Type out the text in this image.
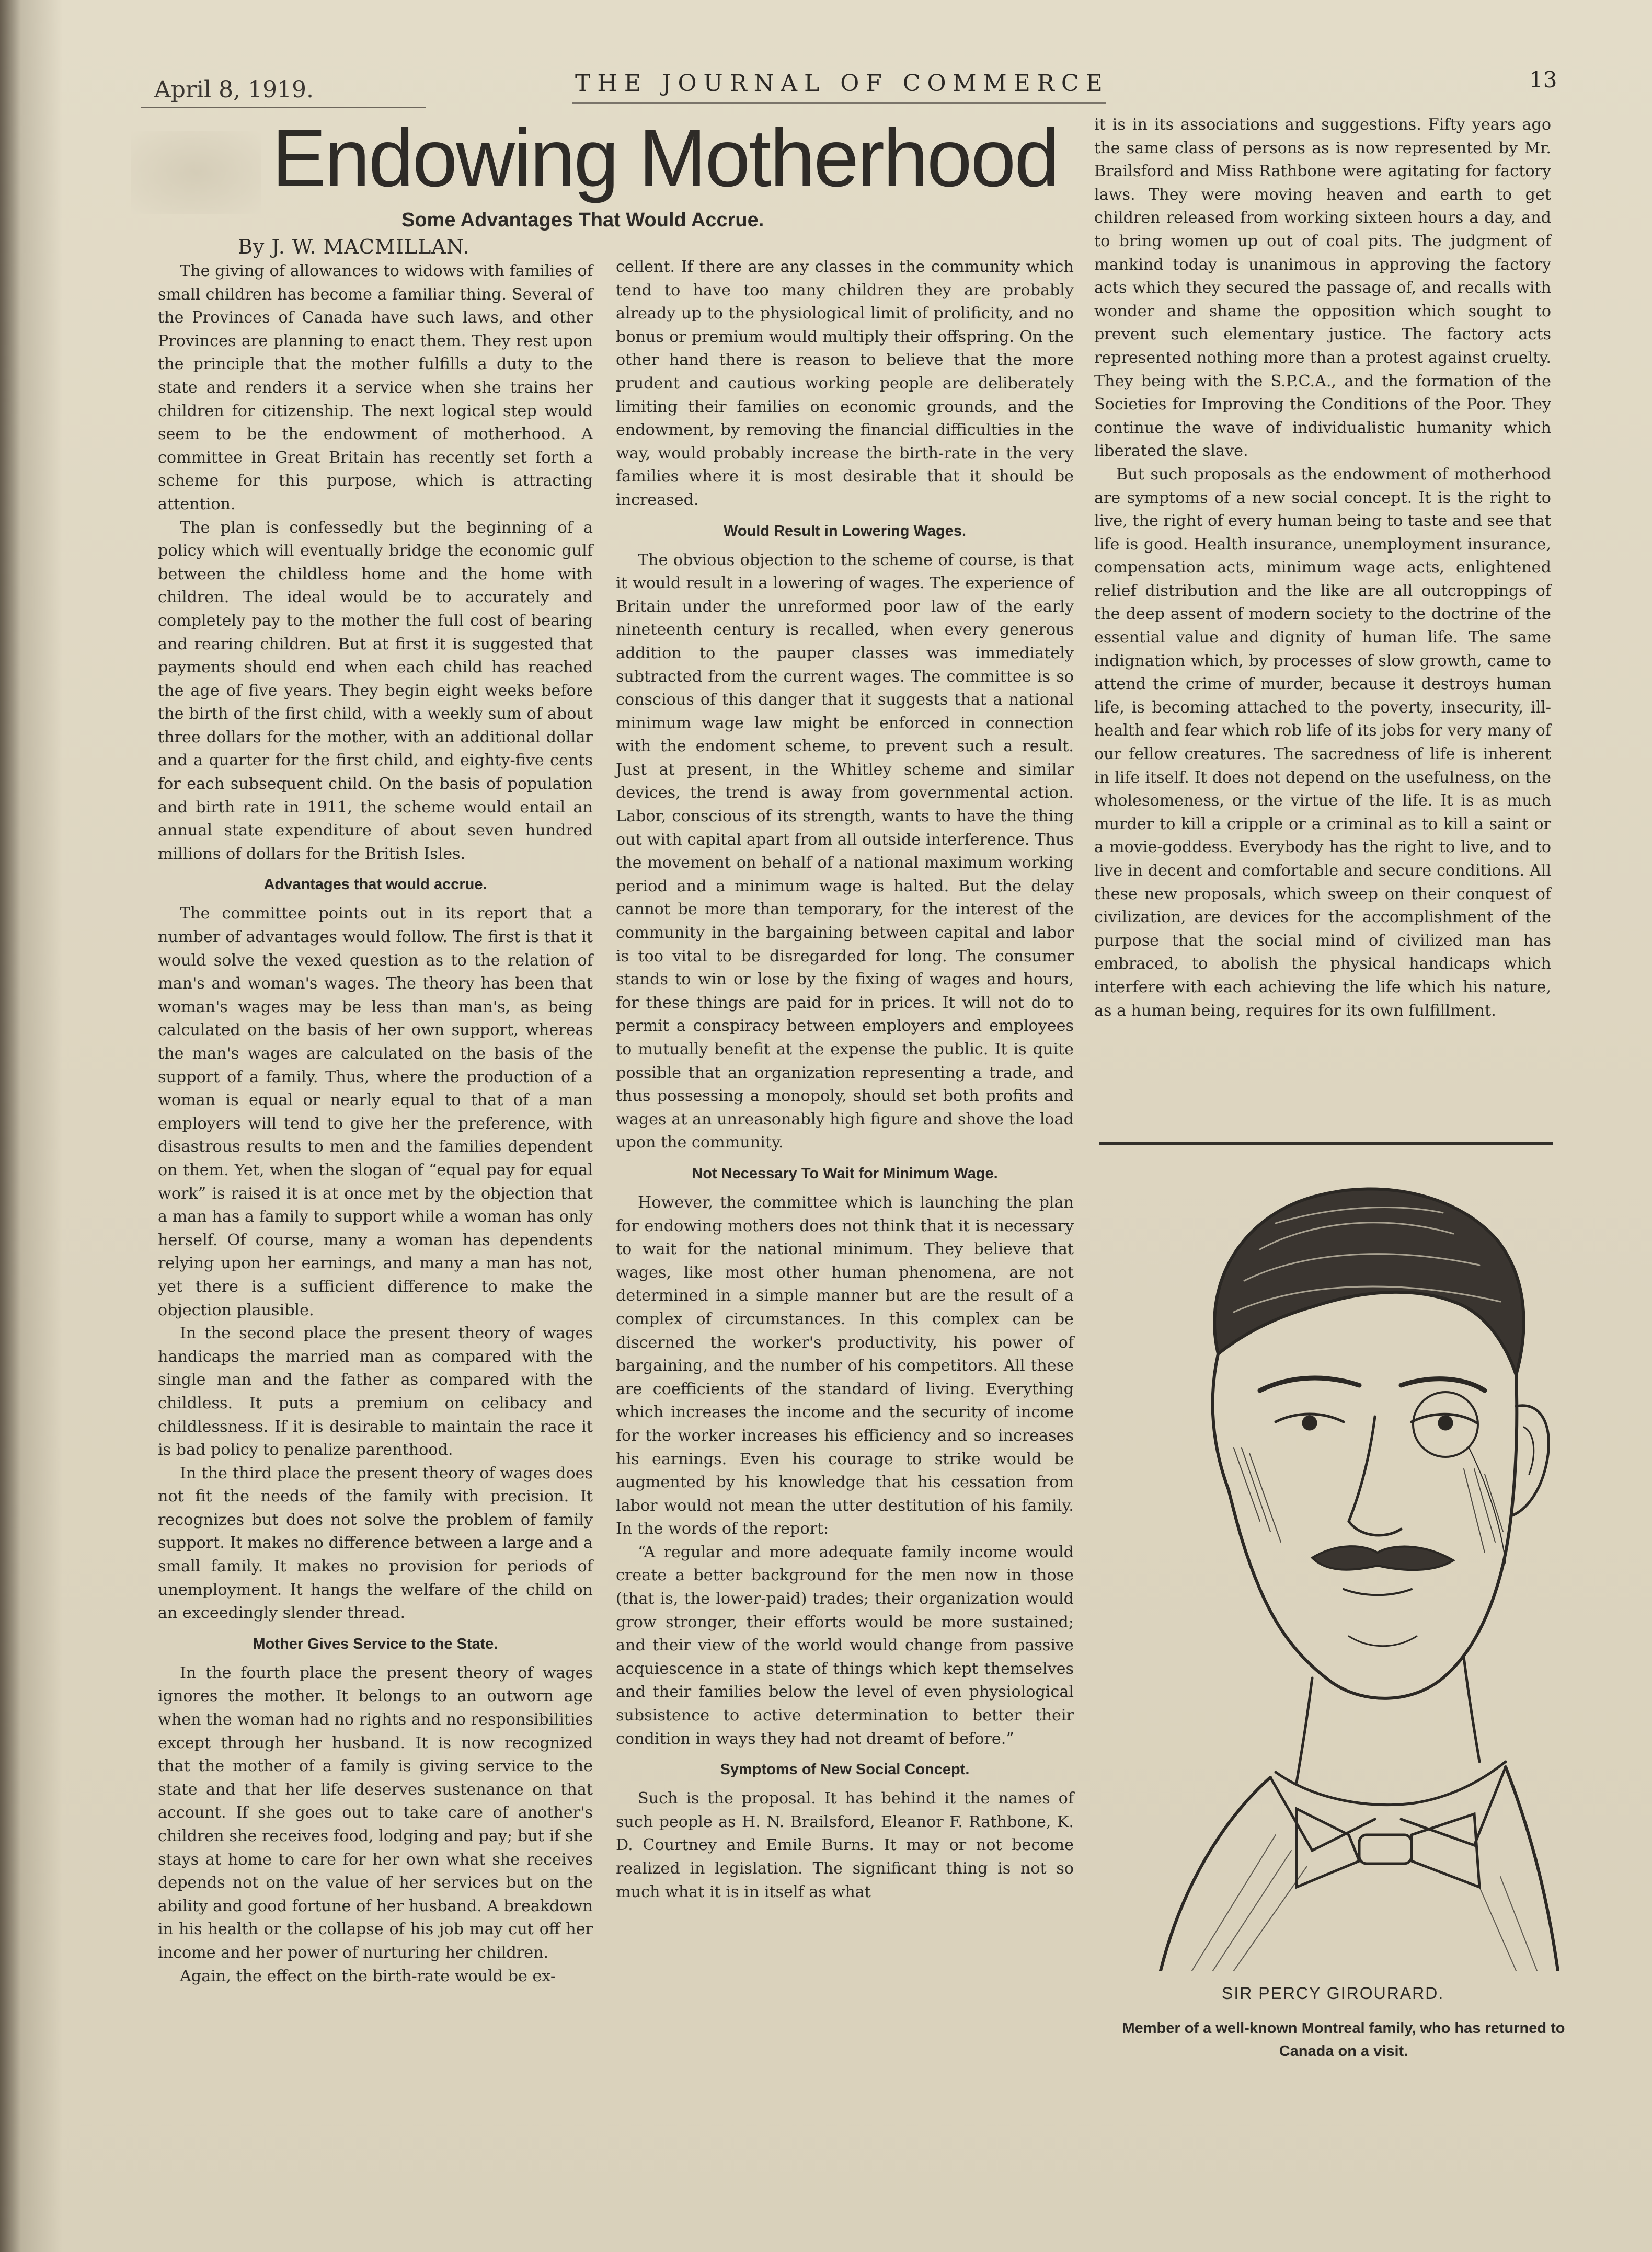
April 8, 1919.	THE JOURNAL OF COMMERCE	13
Endowing Motherhood
Some Advantages That Would Accrue.
By J. W. MACMILLAN.

The giving of allowances to widows with families of small children has become a familiar thing. Several of the Provinces of Canada have such laws, and other Provinces are planning to enact them. They rest upon the principle that the mother fulfills a duty to the state and renders it a service when she trains her children for citizenship. The next logical step would seem to be the endowment of motherhood. A committee in Great Britain has recently set forth a scheme for this purpose, which is attracting attention.

The plan is confessedly but the beginning of a policy which will eventually bridge the economic gulf between the childless home and the home with children. The ideal would be to accurately and completely pay to the mother the full cost of bearing and rearing children. But at first it is suggested that payments should end when each child has reached the age of five years. They begin eight weeks before the birth of the first child, with a weekly sum of about three dollars for the mother, with an additional dollar and a quarter for the first child, and eighty-five cents for each subsequent child. On the basis of population and birth rate in 1911, the scheme would entail an annual state expenditure of about seven hundred millions of dollars for the British Isles.

Advantages that would accrue.

The committee points out in its report that a number of advantages would follow. The first is that it would solve the vexed question as to the relation of man's and woman's wages. The theory has been that woman's wages may be less than man's, as being calculated on the basis of her own support, whereas the man's wages are calculated on the basis of the support of a family. Thus, where the production of a woman is equal or nearly equal to that of a man employers will tend to give her the preference, with disastrous results to men and the families dependent on them. Yet, when the slogan of “equal pay for equal work” is raised it is at once met by the objection that a man has a family to support while a woman has only herself. Of course, many a woman has dependents relying upon her earnings, and many a man has not, yet there is a sufficient difference to make the objection plausible.

In the second place the present theory of wages handicaps the married man as compared with the single man and the father as compared with the childless. It puts a premium on celibacy and childlessness. If it is desirable to maintain the race it is bad policy to penalize parenthood.

In the third place the present theory of wages does not fit the needs of the family with precision. It recognizes but does not solve the problem of family support. It makes no difference between a large and a small family. It makes no provision for periods of unemployment. It hangs the welfare of the child on an exceedingly slender thread.

Mother Gives Service to the State.

In the fourth place the present theory of wages ignores the mother. It belongs to an outworn age when the woman had no rights and no responsibilities except through her husband. It is now recognized that the mother of a family is giving service to the state and that her life deserves sustenance on that account. If she goes out to take care of another's children she receives food, lodging and pay; but if she stays at home to care for her own what she receives depends not on the value of her services but on the ability and good fortune of her husband. A breakdown in his health or the collapse of his job may cut off her income and her power of nurturing her children.

Again, the effect on the birth-rate would be ex-

cellent. If there are any classes in the community which tend to have too many children they are probably already up to the physiological limit of prolificity, and no bonus or premium would multiply their offspring. On the other hand there is reason to believe that the more prudent and cautious working people are deliberately limiting their families on economic grounds, and the endowment, by removing the financial difficulties in the way, would probably increase the birth-rate in the very families where it is most desirable that it should be increased.

Would Result in Lowering Wages.

The obvious objection to the scheme of course, is that it would result in a lowering of wages. The experience of Britain under the unreformed poor law of the early nineteenth century is recalled, when every generous addition to the pauper classes was immediately subtracted from the current wages. The committee is so conscious of this danger that it suggests that a national minimum wage law might be enforced in connection with the endoment scheme, to prevent such a result. Just at present, in the Whitley scheme and similar devices, the trend is away from governmental action. Labor, conscious of its strength, wants to have the thing out with capital apart from all outside interference. Thus the movement on behalf of a national maximum working period and a minimum wage is halted. But the delay cannot be more than temporary, for the interest of the community in the bargaining between capital and labor is too vital to be disregarded for long. The consumer stands to win or lose by the fixing of wages and hours, for these things are paid for in prices. It will not do to permit a conspiracy between employers and employees to mutually benefit at the expense the public. It is quite possible that an organization representing a trade, and thus possessing a monopoly, should set both profits and wages at an unreasonably high figure and shove the load upon the community.

Not Necessary To Wait for Minimum Wage.

However, the committee which is launching the plan for endowing mothers does not think that it is necessary to wait for the national minimum. They believe that wages, like most other human phenomena, are not determined in a simple manner but are the result of a complex of circumstances. In this complex can be discerned the worker's productivity, his power of bargaining, and the number of his competitors. All these are coefficients of the standard of living. Everything which increases the income and the security of income for the worker increases his efficiency and so increases his earnings. Even his courage to strike would be augmented by his knowledge that his cessation from labor would not mean the utter destitution of his family. In the words of the report:

“A regular and more adequate family income would create a better background for the men now in those (that is, the lower-paid) trades; their organization would grow stronger, their efforts would be more sustained; and their view of the world would change from passive acquiescence in a state of things which kept themselves and their families below the level of even physiological subsistence to active determination to better their condition in ways they had not dreamt of before.”

Symptoms of New Social Concept.

Such is the proposal. It has behind it the names of such people as H. N. Brailsford, Eleanor F. Rathbone, K. D. Courtney and Emile Burns. It may or not become realized in legislation. The significant thing is not so much what it is in itself as what

it is in its associations and suggestions. Fifty years ago the same class of persons as is now represented by Mr. Brailsford and Miss Rathbone were agitating for factory laws. They were moving heaven and earth to get children released from working sixteen hours a day, and to bring women up out of coal pits. The judgment of mankind today is unanimous in approving the factory acts which they secured the passage of, and recalls with wonder and shame the opposition which sought to prevent such elementary justice. The factory acts represented nothing more than a protest against cruelty. They being with the S.P.C.A., and the formation of the Societies for Improving the Conditions of the Poor. They continue the wave of individualistic humanity which liberated the slave.

But such proposals as the endowment of motherhood are symptoms of a new social concept. It is the right to live, the right of every human being to taste and see that life is good. Health insurance, unemployment insurance, compensation acts, minimum wage acts, enlightened relief distribution and the like are all outcroppings of the deep assent of modern society to the doctrine of the essential value and dignity of human life. The same indignation which, by processes of slow growth, came to attend the crime of murder, because it destroys human life, is becoming attached to the poverty, insecurity, ill-health and fear which rob life of its jobs for very many of our fellow creatures. The sacredness of life is inherent in life itself. It does not depend on the usefulness, on the wholesomeness, or the virtue of the life. It is as much murder to kill a cripple or a criminal as to kill a saint or a movie-goddess. Everybody has the right to live, and to live in decent and comfortable and secure conditions. All these new proposals, which sweep on their conquest of civilization, are devices for the accomplishment of the purpose that the social mind of civilized man has embraced, to abolish the physical handicaps which interfere with each achieving the life which his nature, as a human being, requires for its own fulfillment.

SIR PERCY GIROURARD.
Member of a well-known Montreal family, who has returned to Canada on a visit.
